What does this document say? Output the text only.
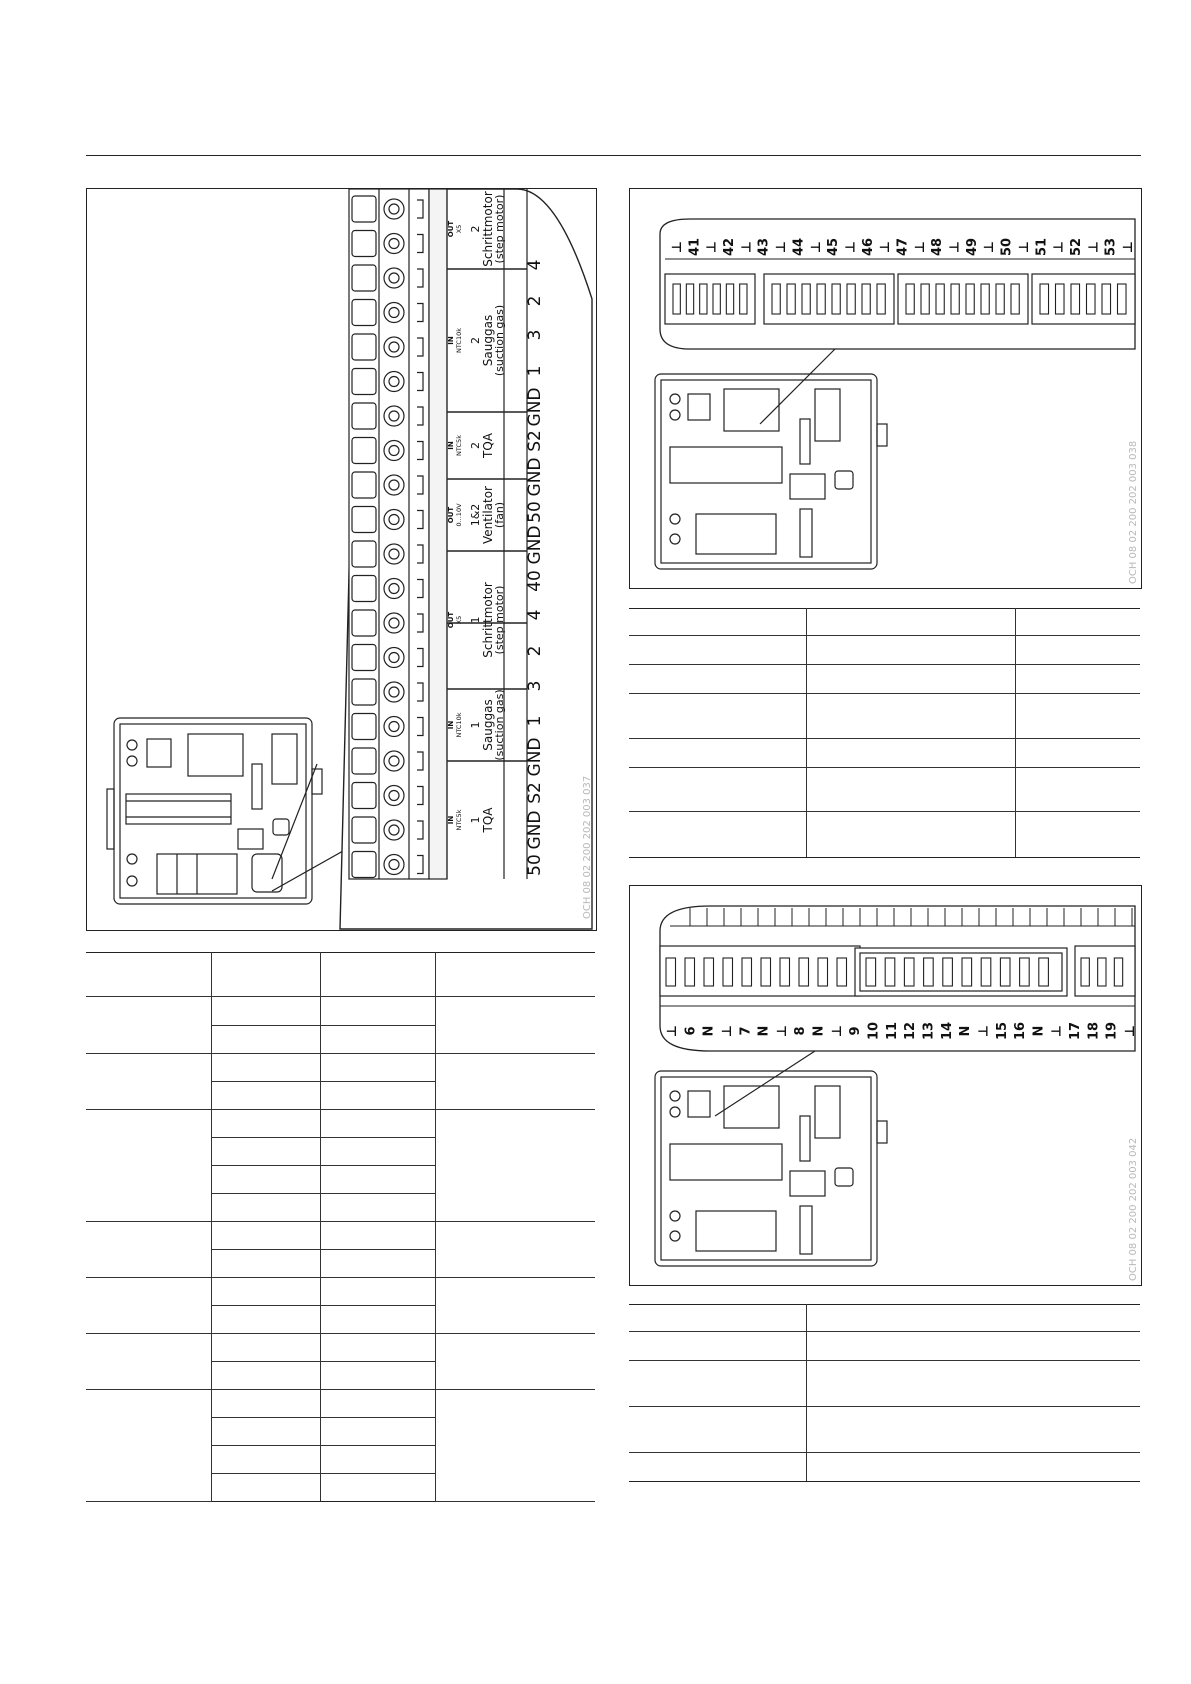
IN NTC5k 1 TQA
50
GND
IN NTC10k 1 Sauggas
(suction gas)
S2
GND
OUT X5 1 Schrittmotor
(step motor)
1
3
2
4
OUT 0...10V 1&2 Ventilator
(fan)
40
GND
IN NTC5k 2 TQA
50
GND
IN NTC10k 2 Sauggas
(suction gas)
S2
GND
OUT X5 2 Schrittmotor
(step motor)
1
3
2
4
OCH 08 02 200 202 003 037

⊥ 41 ⊥ 42 ⊥ 43 ⊥ 44 ⊥ 45 ⊥ 46 ⊥ 47 ⊥ 48 ⊥ 49 ⊥ 50 ⊥ 51 ⊥ 52 ⊥ 53 ⊥
OCH 08 02 200 202 003 038

⊥ 6 N ⊥ 7 N ⊥ 8 N ⊥ 9 10 11 12 13 14 N ⊥ 15 16 N ⊥ 17 18 19 ⊥
OCH 08 02 200 202 003 042
